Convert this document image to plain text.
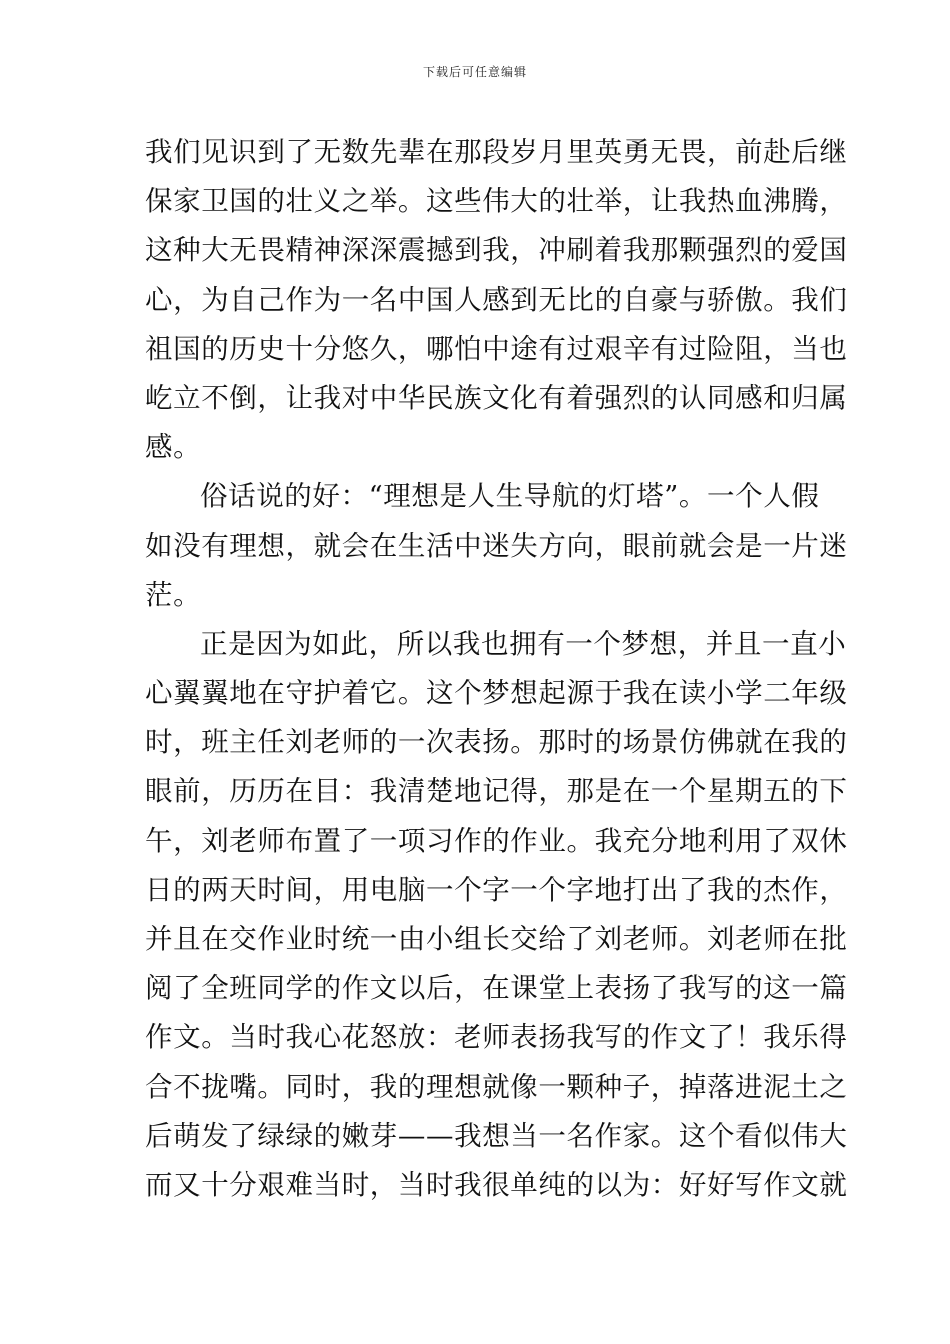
下载后可任意编辑
我们见识到了无数先辈在那段岁月里英勇无畏，前赴后继
保家卫国的壮义之举。这些伟大的壮举，让我热血沸腾，
这种大无畏精神深深震撼到我，冲刷着我那颗强烈的爱国
心，为自己作为一名中国人感到无比的自豪与骄傲。我们
祖国的历史十分悠久，哪怕中途有过艰辛有过险阻，当也
屹立不倒，让我对中华民族文化有着强烈的认同感和归属
感。
俗话说的好：“理想是人生导航的灯塔”。一个人假
如没有理想，就会在生活中迷失方向，眼前就会是一片迷
茫。
正是因为如此，所以我也拥有一个梦想，并且一直小
心翼翼地在守护着它。这个梦想起源于我在读小学二年级
时，班主任刘老师的一次表扬。那时的场景仿佛就在我的
眼前，历历在目：我清楚地记得，那是在一个星期五的下
午，刘老师布置了一项习作的作业。我充分地利用了双休
日的两天时间，用电脑一个字一个字地打出了我的杰作，
并且在交作业时统一由小组长交给了刘老师。刘老师在批
阅了全班同学的作文以后，在课堂上表扬了我写的这一篇
作文。当时我心花怒放：老师表扬我写的作文了！我乐得
合不拢嘴。同时，我的理想就像一颗种子，掉落进泥土之
后萌发了绿绿的嫩芽——我想当一名作家。这个看似伟大
而又十分艰难当时，当时我很单纯的以为：好好写作文就
